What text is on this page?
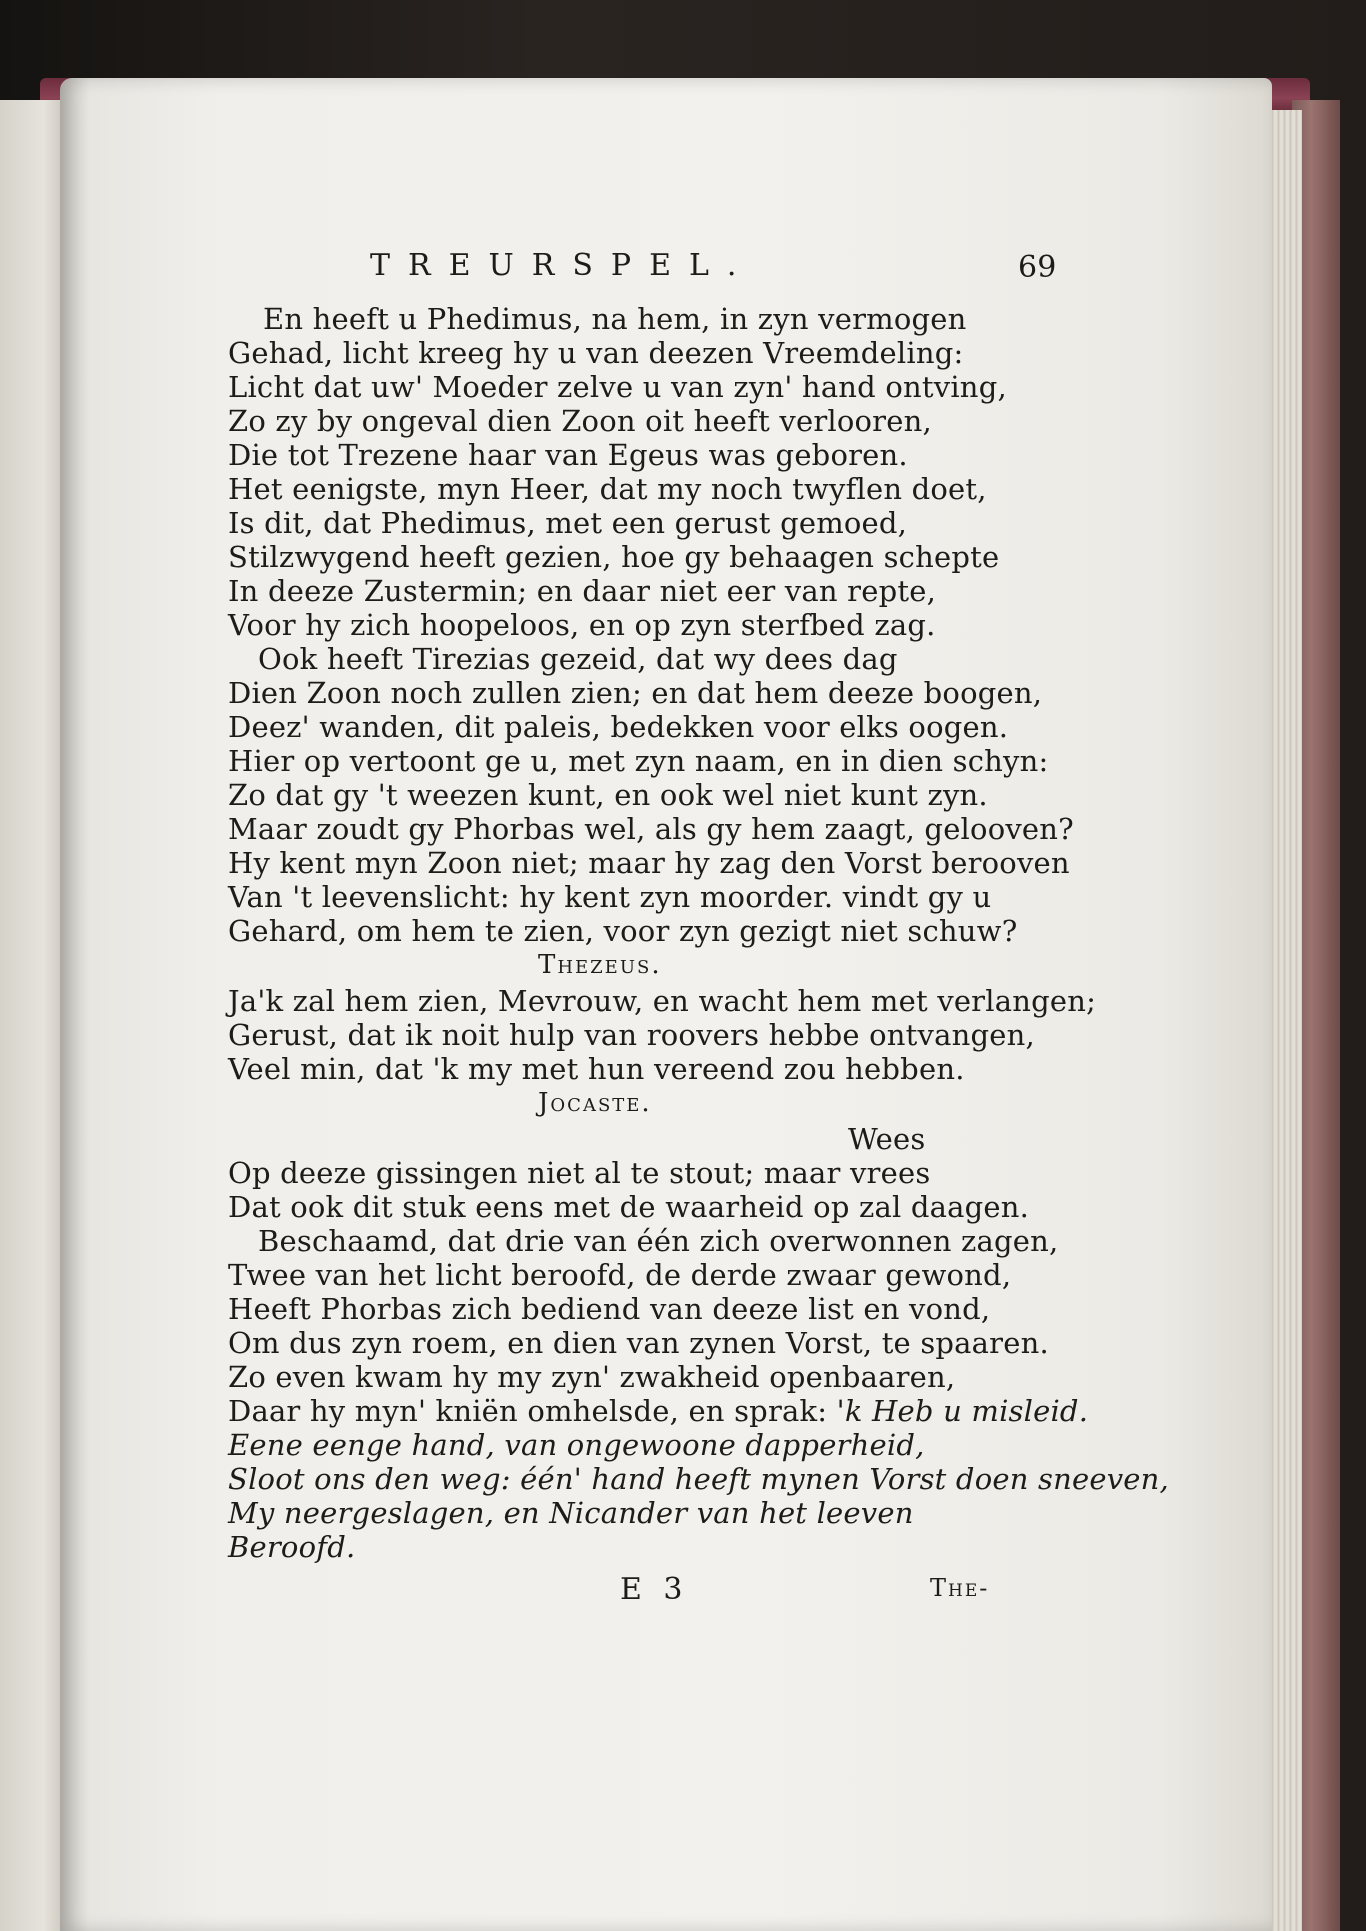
TREURSPEL.	69
En heeft u Phedimus, na hem, in zyn vermogen
Gehad, licht kreeg hy u van deezen Vreemdeling:
Licht dat uw' Moeder zelve u van zyn' hand ontving,
Zo zy by ongeval dien Zoon oit heeft verlooren,
Die tot Trezene haar van Egeus was geboren.
Het eenigste, myn Heer, dat my noch twyflen doet,
Is dit, dat Phedimus, met een gerust gemoed,
Stilzwygend heeft gezien, hoe gy behaagen schepte
In deeze Zustermin; en daar niet eer van repte,
Voor hy zich hoopeloos, en op zyn sterfbed zag.
Ook heeft Tirezias gezeid, dat wy dees dag
Dien Zoon noch zullen zien; en dat hem deeze boogen,
Deez' wanden, dit paleis, bedekken voor elks oogen.
Hier op vertoont ge u, met zyn naam, en in dien schyn:
Zo dat gy 't weezen kunt, en ook wel niet kunt zyn.
Maar zoudt gy Phorbas wel, als gy hem zaagt, gelooven?
Hy kent myn Zoon niet; maar hy zag den Vorst berooven
Van 't leevenslicht: hy kent zyn moorder. vindt gy u
Gehard, om hem te zien, voor zyn gezigt niet schuw?
Thezeus.
Ja'k zal hem zien, Mevrouw, en wacht hem met verlangen;
Gerust, dat ik noit hulp van roovers hebbe ontvangen,
Veel min, dat 'k my met hun vereend zou hebben.
Jocaste.
Wees
Op deeze gissingen niet al te stout; maar vrees
Dat ook dit stuk eens met de waarheid op zal daagen.
Beschaamd, dat drie van één zich overwonnen zagen,
Twee van het licht beroofd, de derde zwaar gewond,
Heeft Phorbas zich bediend van deeze list en vond,
Om dus zyn roem, en dien van zynen Vorst, te spaaren.
Zo even kwam hy my zyn' zwakheid openbaaren,
Daar hy myn' kniën omhelsde, en sprak: 'k Heb u misleid.
Eene eenge hand, van ongewoone dapperheid,
Sloot ons den weg: één' hand heeft mynen Vorst doen sneeven,
My neergeslagen, en Nicander van het leeven
Beroofd.
E 3	The-
